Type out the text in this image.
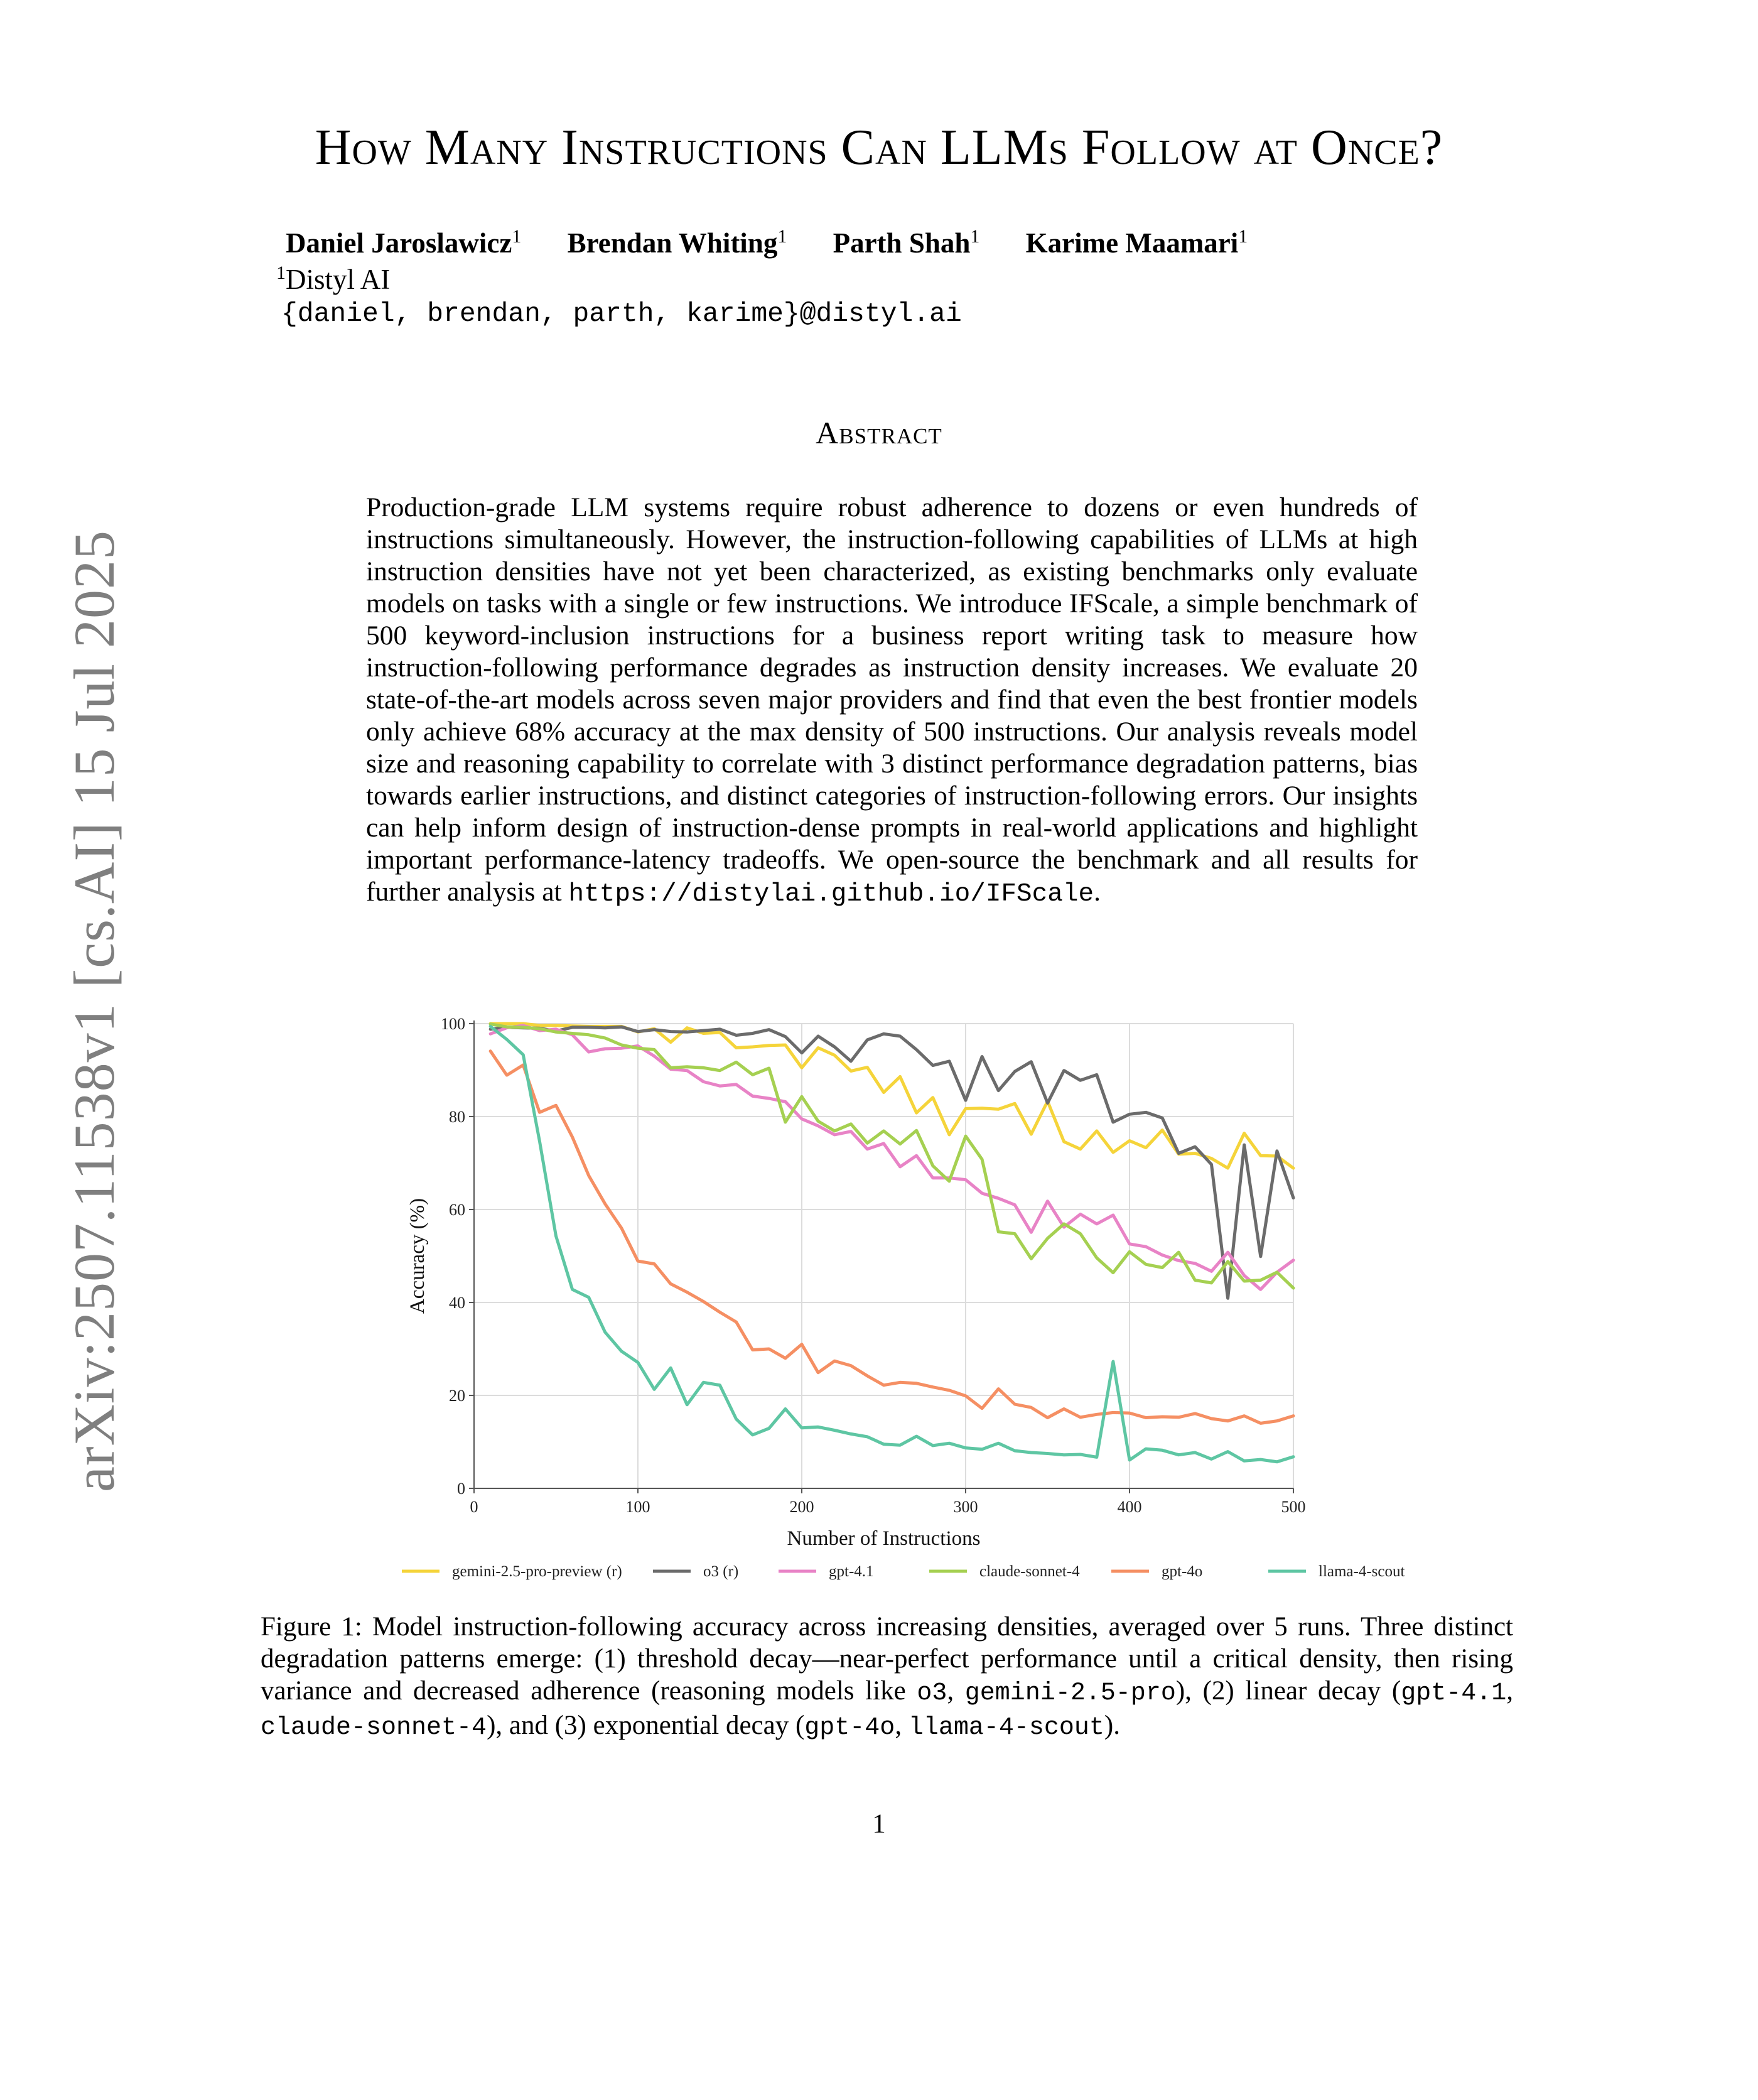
arXiv:2507.11538v1 [cs.AI] 15 Jul 2025
How Many Instructions Can LLMs Follow at Once?
Daniel Jaroslawicz$^1$ Brendan Whiting$^1$ Parth Shah$^1$ Karime Maamari$^1$
$^1$Distyl AI
{daniel, brendan, parth, karime}@distyl.ai
Abstract
Production-grade LLM systems require robust adherence to dozens or even hundreds of instructions simultaneously. However, the instruction-following capabilities of LLMs at high instruction densities have not yet been characterized, as existing benchmarks only evaluate models on tasks with a single or few instructions. We introduce IFScale, a simple benchmark of 500 keyword-inclusion instructions for a business report writing task to measure how instruction-following performance degrades as instruction density increases. We evaluate 20 state-of-the-art models across seven major providers and find that even the best frontier models only achieve 68% accuracy at the max density of 500 instructions. Our analysis reveals model size and reasoning capability to correlate with 3 distinct performance degradation patterns, bias towards earlier instructions, and distinct categories of instruction-following errors. Our insights can help inform design of instruction-dense prompts in real-world applications and highlight important performance-latency tradeoffs. We open-source the benchmark and all results for further analysis at https://distylai.github.io/IFScale.
0
20
40
60
80
100
0	100	200	300	400	500
Number of Instructions
Accuracy (%)
gemini-2.5-pro-preview (r)	o3 (r)	gpt-4.1	claude-sonnet-4	gpt-4o	llama-4-scout
Figure 1: Model instruction-following accuracy across increasing densities, averaged over 5 runs. Three distinct degradation patterns emerge: (1) threshold decay—near-perfect performance until a critical density, then rising variance and decreased adherence (reasoning models like o3, gemini-2.5-pro), (2) linear decay (gpt-4.1, claude-sonnet-4), and (3) exponential decay (gpt-4o, llama-4-scout).
1
